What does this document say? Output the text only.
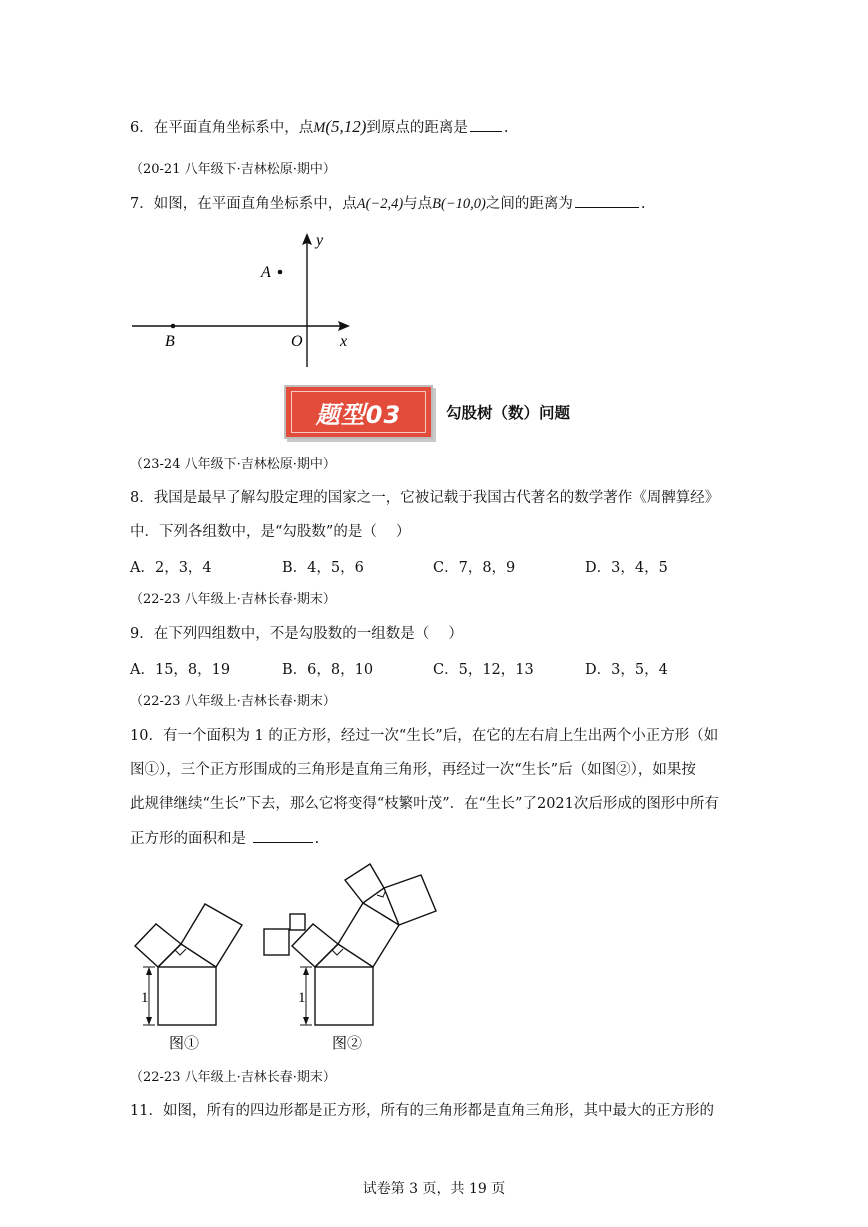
6．在平面直角坐标系中，点M(5,12)到原点的距离是 .
（20-21 八年级下·吉林松原·期中）
7．如图，在平面直角坐标系中，点A(−2,4)与点B(−10,0)之间的距离为	.
y
x
O
A
B
题型03	勾股树（数）问题
（23-24 八年级下·吉林松原·期中）
8．我国是最早了解勾股定理的国家之一，它被记载于我国古代著名的数学著作《周髀算经》
中．下列各组数中，是“勾股数”的是（　 ）
A．2，3，4	B．4，5，6	C．7，8，9	D．3，4，5
（22-23 八年级上·吉林长春·期末）
9．在下列四组数中，不是勾股数的一组数是（　 ）
A．15，8，19	B．6，8，10	C．5，12，13	D．3，5，4
（22-23 八年级上·吉林长春·期末）
10．有一个面积为 1 的正方形，经过一次“生长”后，在它的左右肩上生出两个小正方形（如
图①），三个正方形围成的三角形是直角三角形，再经过一次“生长”后（如图②），如果按
此规律继续“生长”下去，那么它将变得“枝繁叶茂”．在“生长”了2021次后形成的图形中所有
正方形的面积和是	.
1
图①
1
图②
（22-23 八年级上·吉林长春·期末）
11．如图，所有的四边形都是正方形，所有的三角形都是直角三角形，其中最大的正方形的
试卷第 3 页，共 19 页
